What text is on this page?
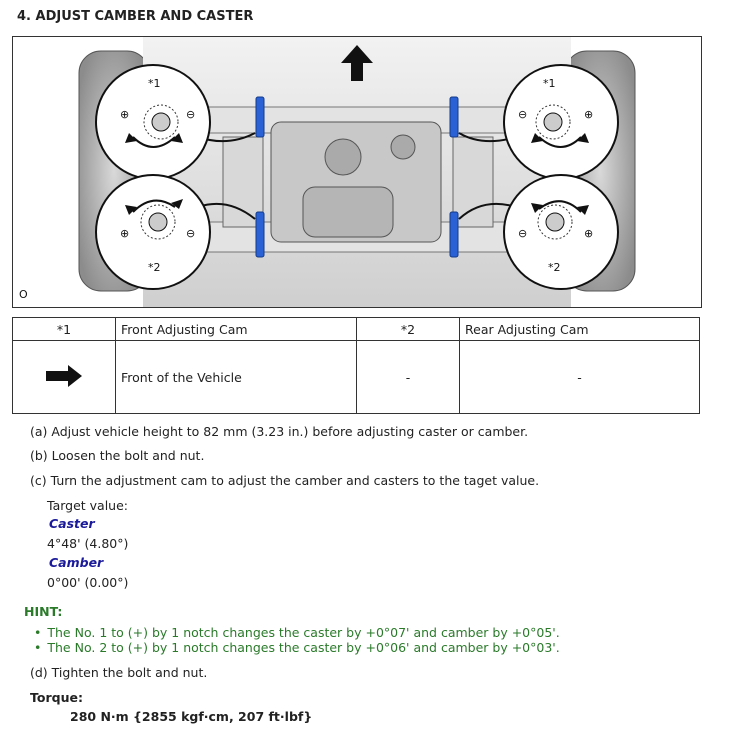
4. ADJUST CAMBER AND CASTER
*1	*1
*2	*2
⊕	⊖	⊖	⊕
⊕	⊖	⊖	⊕
O
*1	Front Adjusting Cam	*2	Rear Adjusting Cam
	Front of the Vehicle	-	-
(a) Adjust vehicle height to 82 mm (3.23 in.) before adjusting caster or camber.
(b) Loosen the bolt and nut.
(c) Turn the adjustment cam to adjust the camber and casters to the taget value.
Target value:
Caster
4°48' (4.80°)
Camber
0°00' (0.00°)
HINT:
• The No. 1 to (+) by 1 notch changes the caster by +0°07' and camber by +0°05'.
• The No. 2 to (+) by 1 notch changes the caster by +0°06' and camber by +0°03'.
(d) Tighten the bolt and nut.
Torque:
280 N·m {2855 kgf·cm, 207 ft·lbf}
